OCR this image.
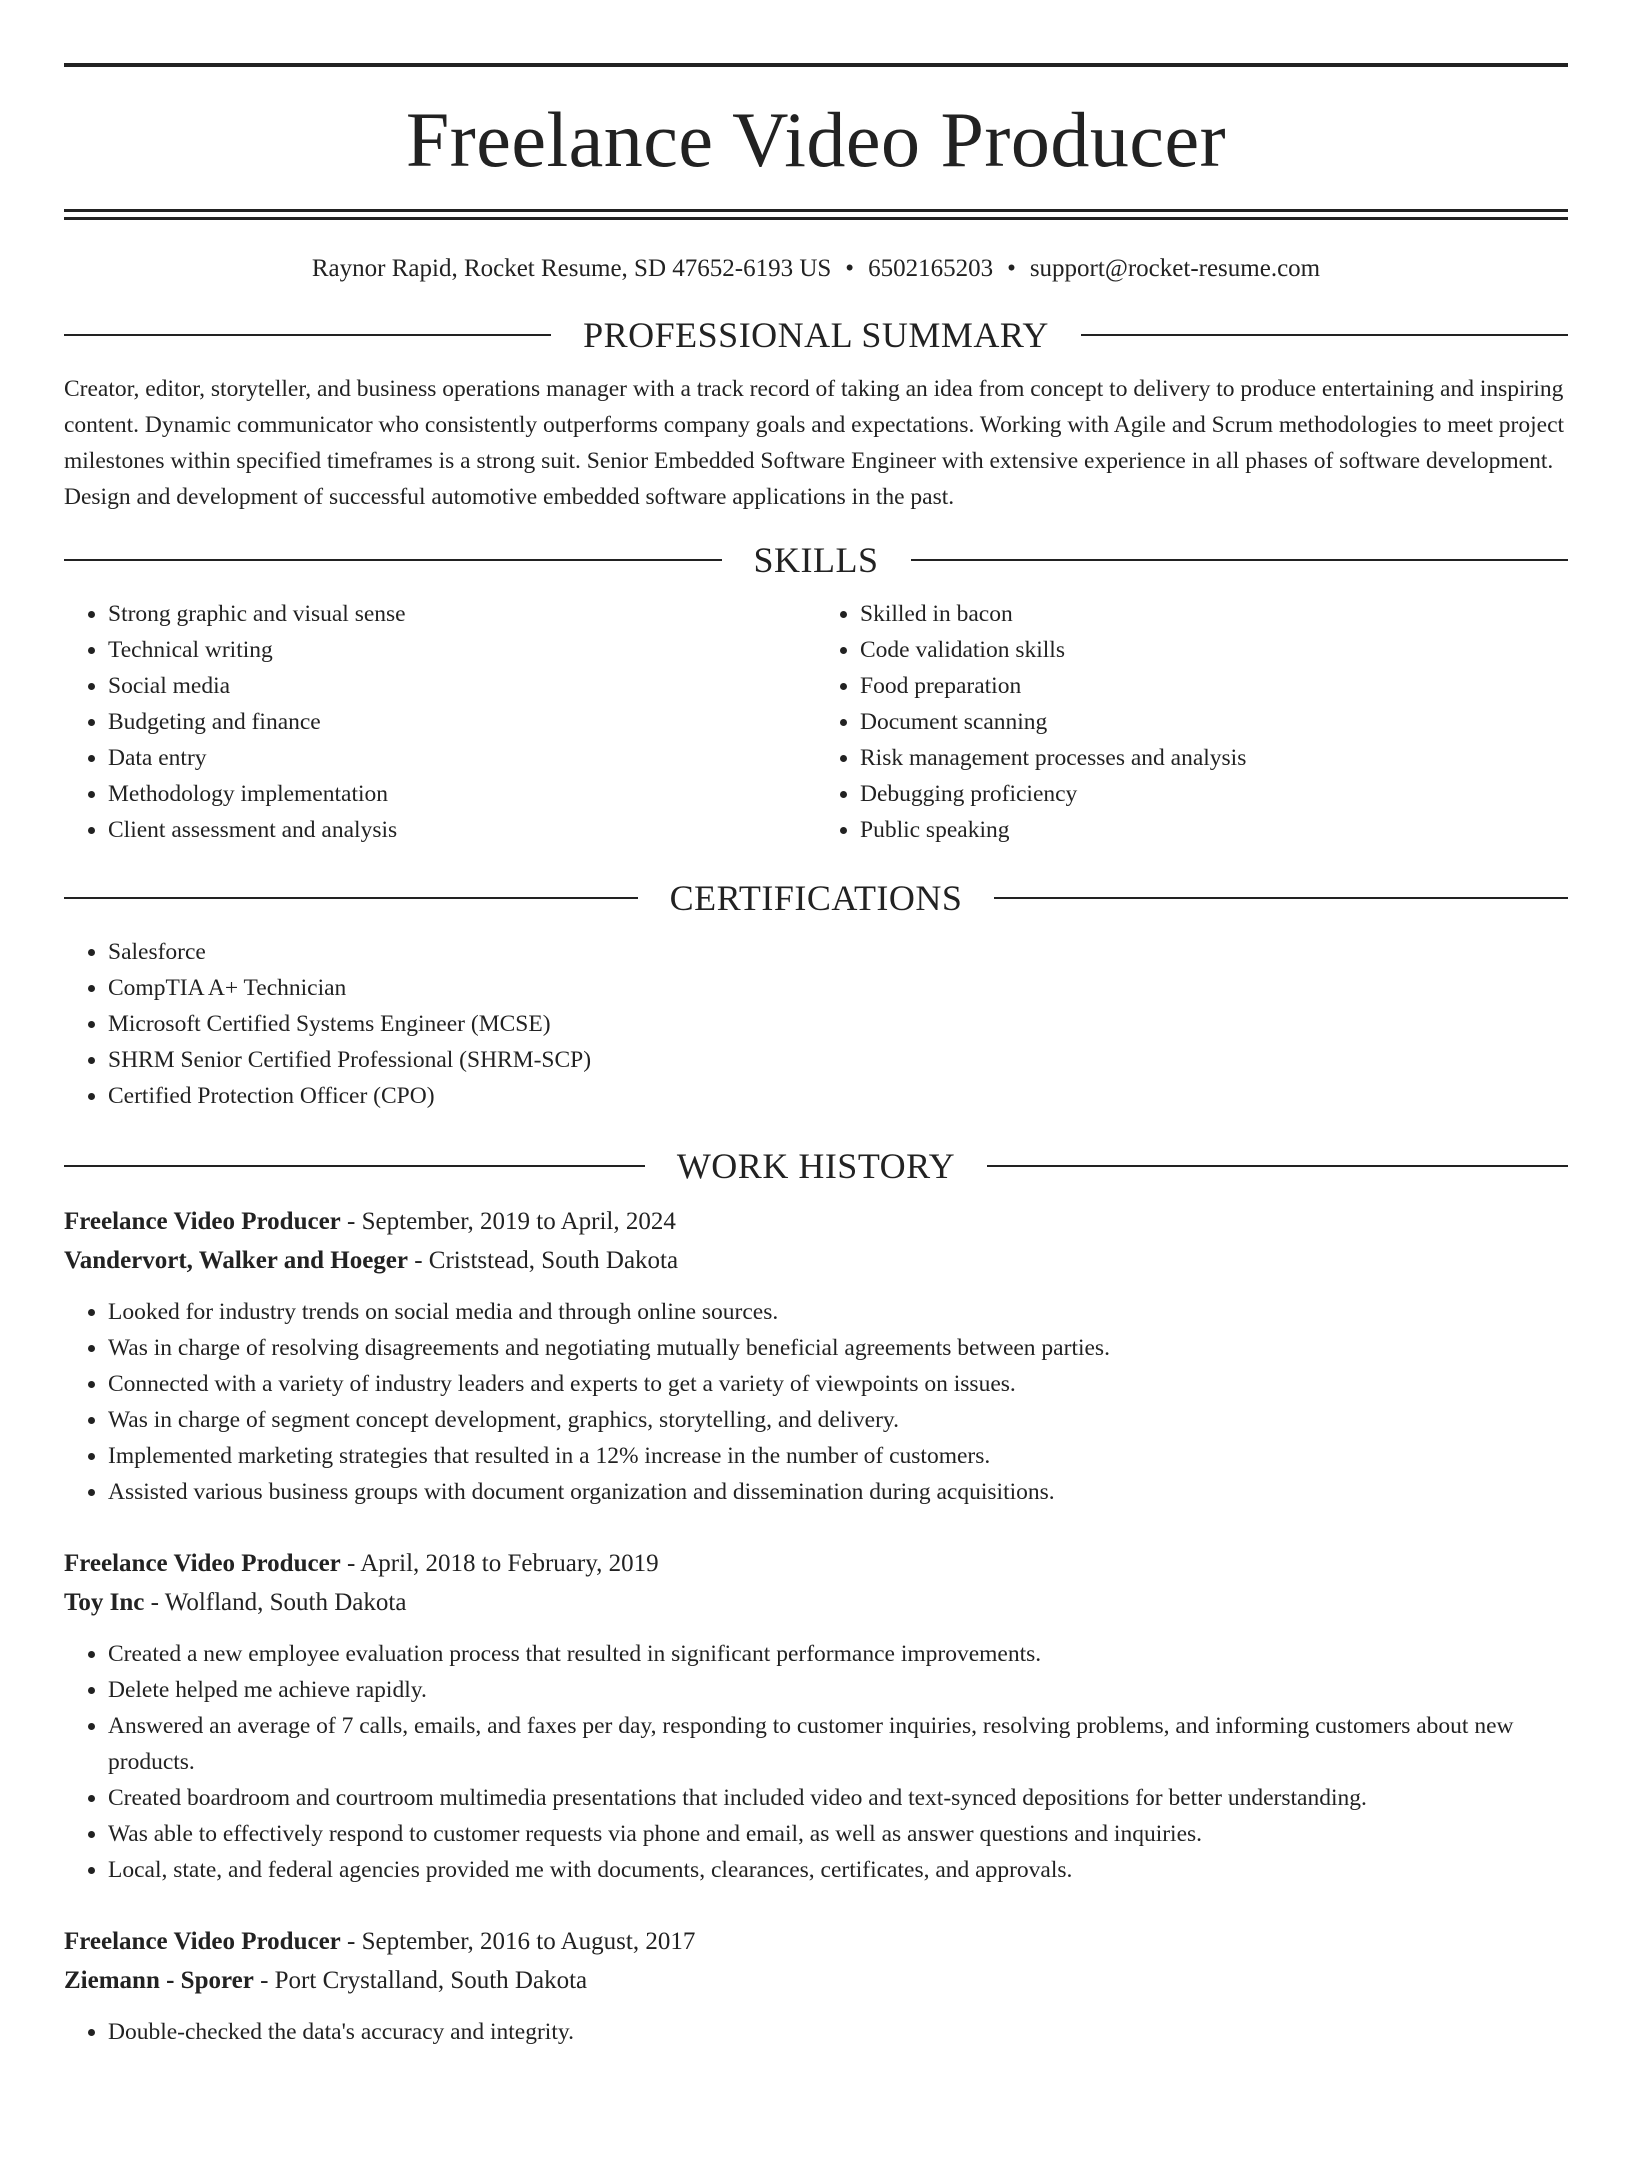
Freelance Video Producer
Raynor Rapid, Rocket Resume, SD 47652-6193 US • 6502165203 • support@rocket-resume.com
PROFESSIONAL SUMMARY

Creator, editor, storyteller, and business operations manager with a track record of taking an idea from concept to delivery to produce entertaining and inspiring content. Dynamic communicator who consistently outperforms company goals and expectations. Working with Agile and Scrum methodologies to meet project milestones within specified timeframes is a strong suit. Senior Embedded Software Engineer with extensive experience in all phases of software development. Design and development of successful automotive embedded software applications in the past.

SKILLS
• Strong graphic and visual sense
• Technical writing
• Social media
• Budgeting and finance
• Data entry
• Methodology implementation
• Client assessment and analysis
• Skilled in bacon
• Code validation skills
• Food preparation
• Document scanning
• Risk management processes and analysis
• Debugging proficiency
• Public speaking
CERTIFICATIONS
• Salesforce
• CompTIA A+ Technician
• Microsoft Certified Systems Engineer (MCSE)
• SHRM Senior Certified Professional (SHRM-SCP)
• Certified Protection Officer (CPO)
WORK HISTORY
Freelance Video Producer - September, 2019 to April, 2024
Vandervort, Walker and Hoeger - Criststead, South Dakota
• Looked for industry trends on social media and through online sources.
• Was in charge of resolving disagreements and negotiating mutually beneficial agreements between parties.
• Connected with a variety of industry leaders and experts to get a variety of viewpoints on issues.
• Was in charge of segment concept development, graphics, storytelling, and delivery.
• Implemented marketing strategies that resulted in a 12% increase in the number of customers.
• Assisted various business groups with document organization and dissemination during acquisitions.
Freelance Video Producer - April, 2018 to February, 2019
Toy Inc - Wolfland, South Dakota
• Created a new employee evaluation process that resulted in significant performance improvements.
• Delete helped me achieve rapidly.
• Answered an average of 7 calls, emails, and faxes per day, responding to customer inquiries, resolving problems, and informing customers about new products.
• Created boardroom and courtroom multimedia presentations that included video and text-synced depositions for better understanding.
• Was able to effectively respond to customer requests via phone and email, as well as answer questions and inquiries.
• Local, state, and federal agencies provided me with documents, clearances, certificates, and approvals.
Freelance Video Producer - September, 2016 to August, 2017
Ziemann - Sporer - Port Crystalland, South Dakota
• Double-checked the data's accuracy and integrity.
